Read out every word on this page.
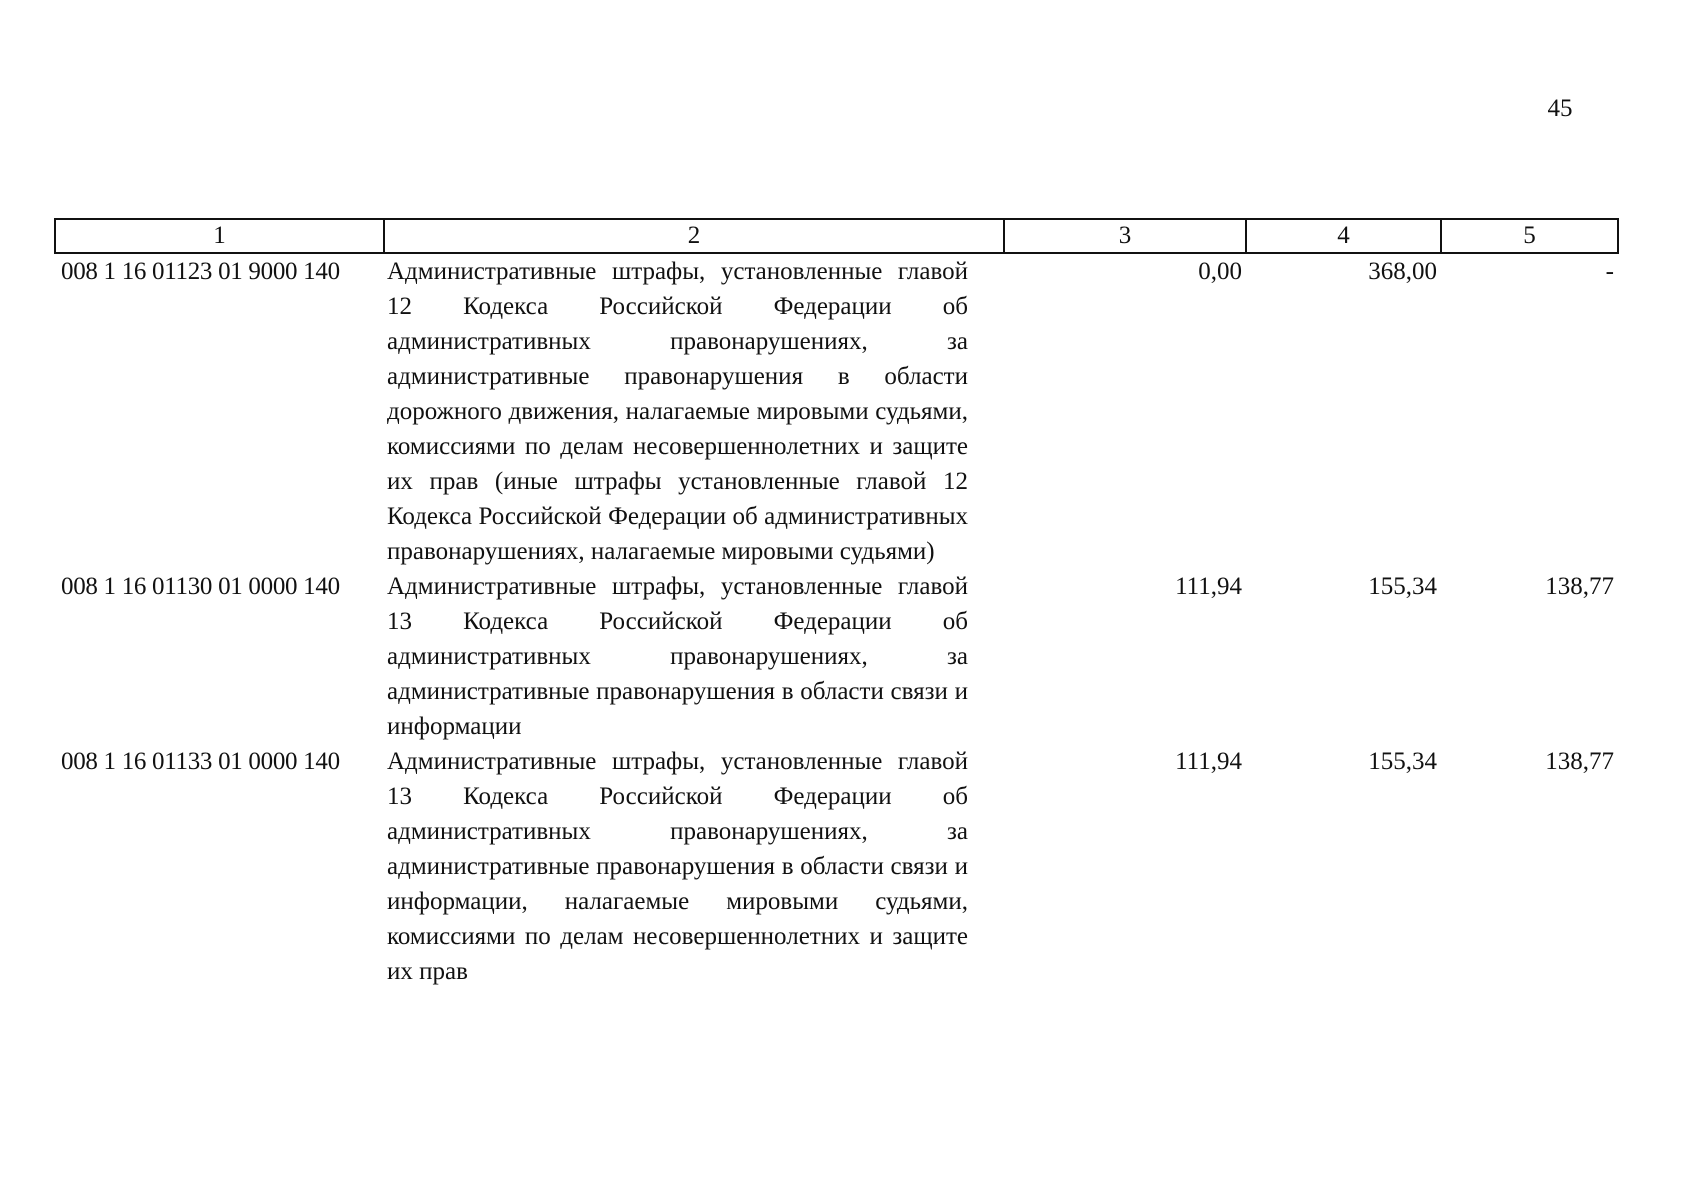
45
1	2	3	4	5
008 1 16 01123 01 9000 140	Административные штрафы, установленные главой 12 Кодекса Российской Федерации об административных правонарушениях, за административные правонарушения в области дорожного движения, налагаемые мировыми судьями, комиссиями по делам несовершеннолетних и защите их прав (иные штрафы установленные главой 12 Кодекса Российской Федерации об административных правонарушениях, налагаемые мировыми судьями)	0,00	368,00	-
008 1 16 01130 01 0000 140	Административные штрафы, установленные главой 13 Кодекса Российской Федерации об административных правонарушениях, за административные правонарушения в области связи и информации	111,94	155,34	138,77
008 1 16 01133 01 0000 140	Административные штрафы, установленные главой 13 Кодекса Российской Федерации об административных правонарушениях, за административные правонарушения в области связи и информации, налагаемые мировыми судьями, комиссиями по делам несовершеннолетних и защите их прав	111,94	155,34	138,77
